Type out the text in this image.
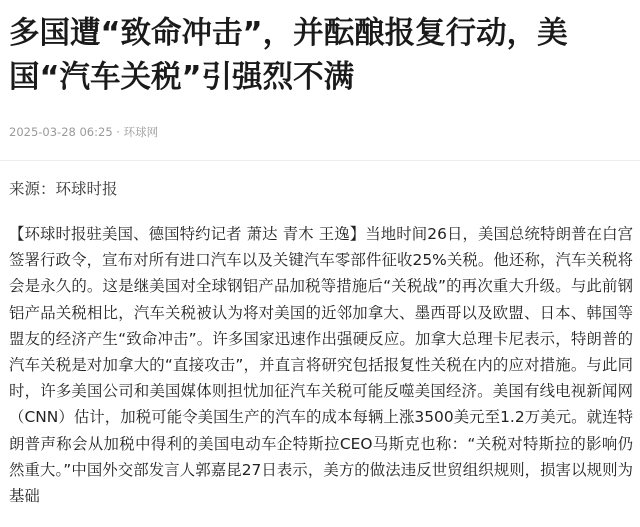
多国遭“致命冲击”，并酝酿报复行动，美国“汽车关税”引强烈不满
2025-03-28 06:25 · 环球网
来源：环球时报

【环球时报驻美国、德国特约记者 萧达 青木 王逸】当地时间26日，美国总统特朗普在白宫签署行政令，宣布对所有进口汽车以及关键汽车零部件征收25%关税。他还称，汽车关税将会是永久的。这是继美国对全球钢铝产品加税等措施后“关税战”的再次重大升级。与此前钢铝产品关税相比，汽车关税被认为将对美国的近邻加拿大、墨西哥以及欧盟、日本、韩国等盟友的经济产生“致命冲击”。许多国家迅速作出强硬反应。加拿大总理卡尼表示，特朗普的汽车关税是对加拿大的“直接攻击”，并直言将研究包括报复性关税在内的应对措施。与此同时，许多美国公司和美国媒体则担忧加征汽车关税可能反噬美国经济。美国有线电视新闻网（CNN）估计，加税可能令美国生产的汽车的成本每辆上涨3500美元至1.2万美元。就连特朗普声称会从加税中得利的美国电动车企特斯拉CEO马斯克也称：“关税对特斯拉的影响仍然重大。”中国外交部发言人郭嘉昆27日表示，美方的做法违反世贸组织规则，损害以规则为基础
